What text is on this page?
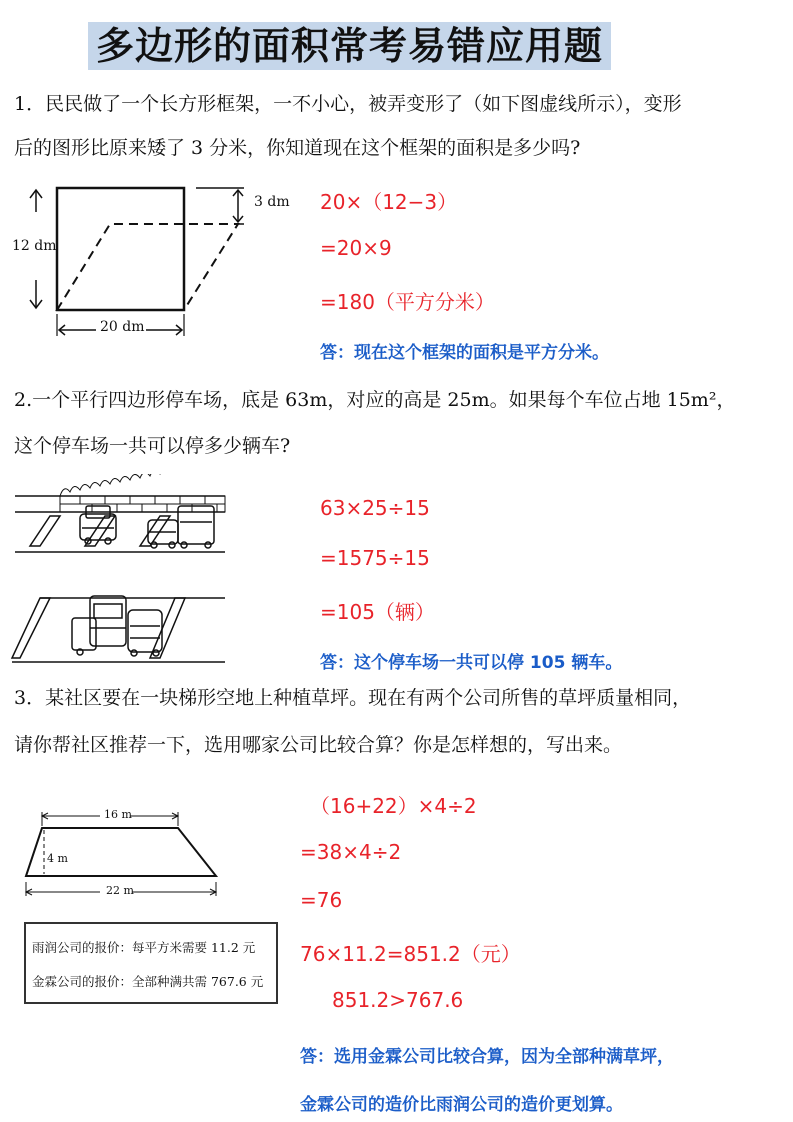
多边形的面积常考易错应用题
1．民民做了一个长方形框架，一不小心，被弄变形了（如下图虚线所示），变形
后的图形比原来矮了 3 分米，你知道现在这个框架的面积是多少吗?
12 dm
3 dm
20 dm
20×（12−3）
=20×9
=180（平方分米）
答：现在这个框架的面积是平方分米。
2.一个平行四边形停车场，底是 63m，对应的高是 25m。如果每个车位占地 15m²，
这个停车场一共可以停多少辆车?
63×25÷15
=1575÷15
=105（辆）
答：这个停车场一共可以停 105 辆车。
3．某社区要在一块梯形空地上种植草坪。现在有两个公司所售的草坪质量相同，
请你帮社区推荐一下，选用哪家公司比较合算？你是怎样想的，写出来。
16 m
4 m
22 m
雨润公司的报价：每平方米需要 11.2 元
金霖公司的报价：全部种满共需 767.6 元
（16+22）×4÷2
=38×4÷2
=76
76×11.2=851.2（元）
851.2>767.6
答：选用金霖公司比较合算，因为全部种满草坪，
金霖公司的造价比雨润公司的造价更划算。
